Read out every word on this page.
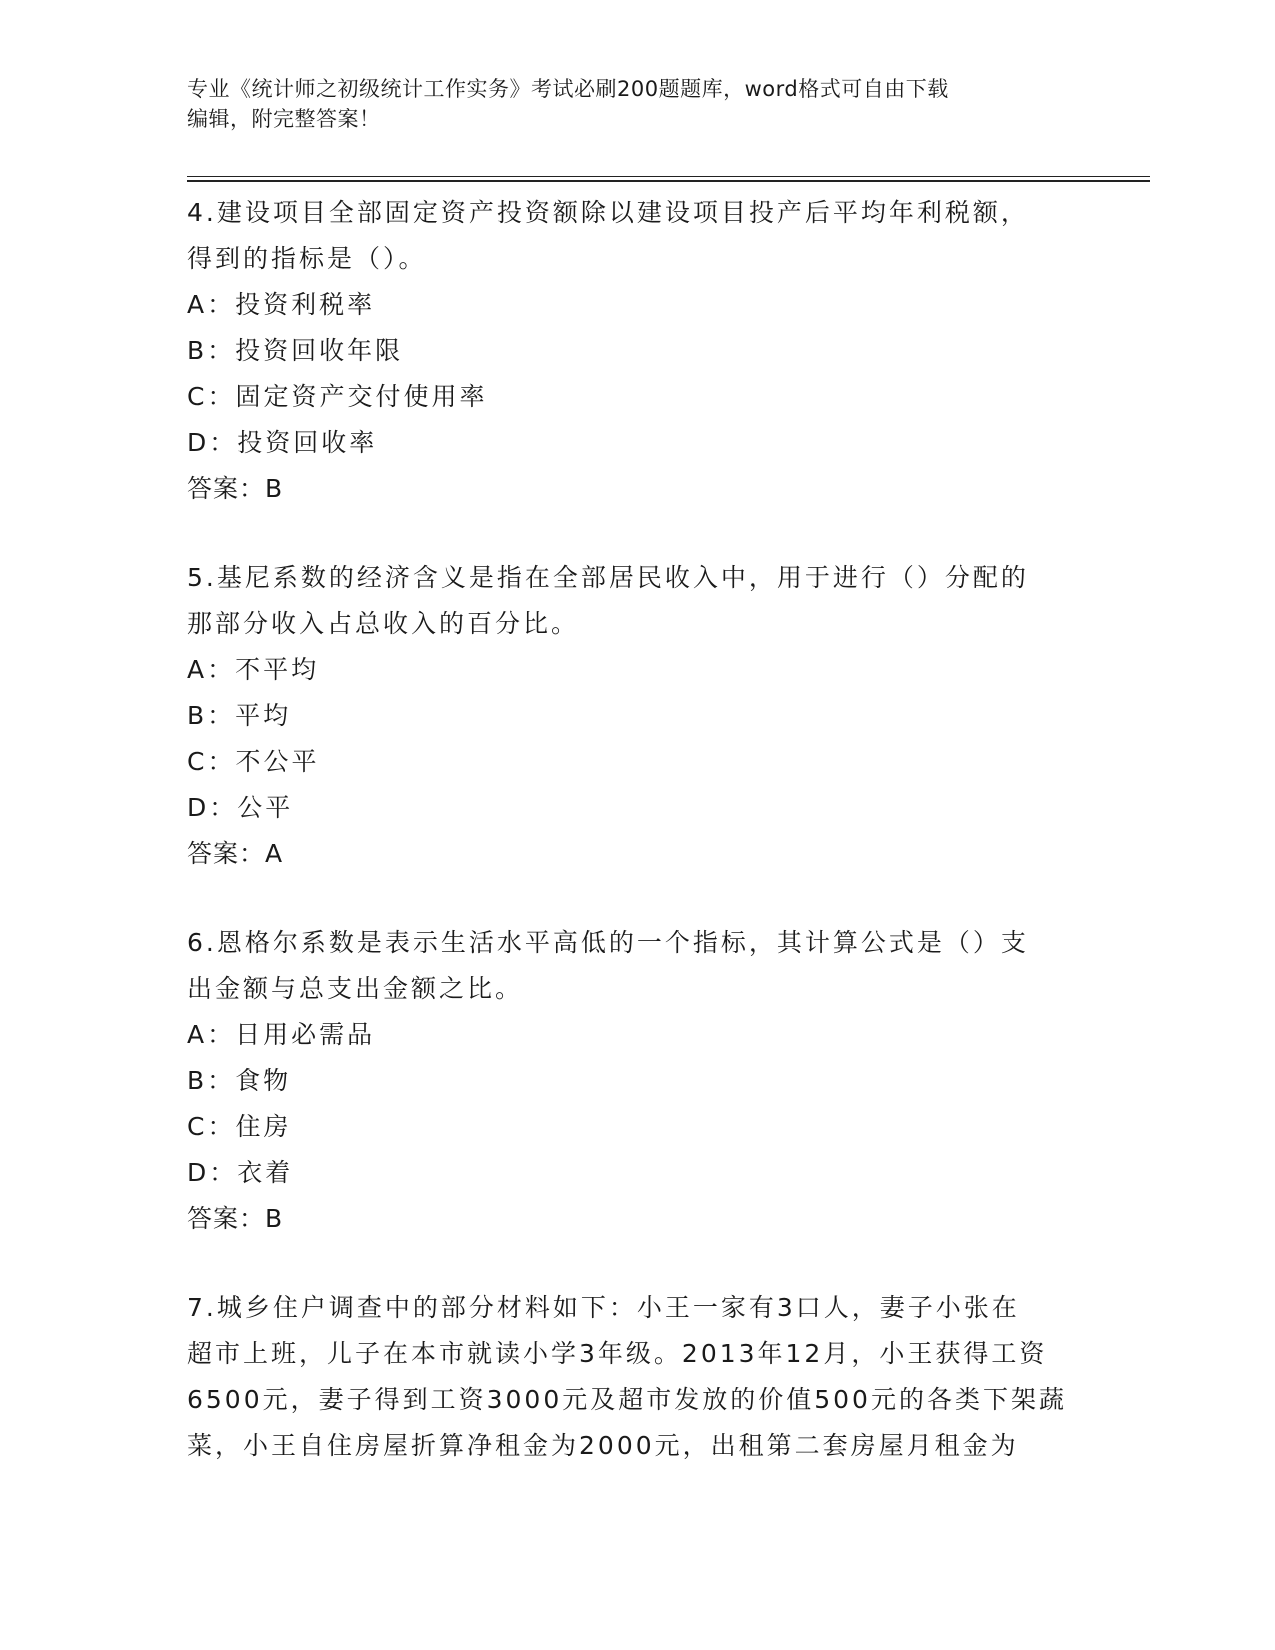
专业《统计师之初级统计工作实务》考试必刷200题题库，word格式可自由下载
编辑，附完整答案！
4.建设项目全部固定资产投资额除以建设项目投产后平均年利税额，
得到的指标是（）。
A：投资利税率
B：投资回收年限
C：固定资产交付使用率
D：投资回收率
答案：B
5.基尼系数的经济含义是指在全部居民收入中，用于进行（）分配的
那部分收入占总收入的百分比。
A：不平均
B：平均
C：不公平
D：公平
答案：A
6.恩格尔系数是表示生活水平高低的一个指标，其计算公式是（）支
出金额与总支出金额之比。
A：日用必需品
B：食物
C：住房
D：衣着
答案：B
7.城乡住户调查中的部分材料如下：小王一家有3口人，妻子小张在
超市上班，儿子在本市就读小学3年级。2013年12月，小王获得工资
6500元，妻子得到工资3000元及超市发放的价值500元的各类下架蔬
菜，小王自住房屋折算净租金为2000元，出租第二套房屋月租金为
